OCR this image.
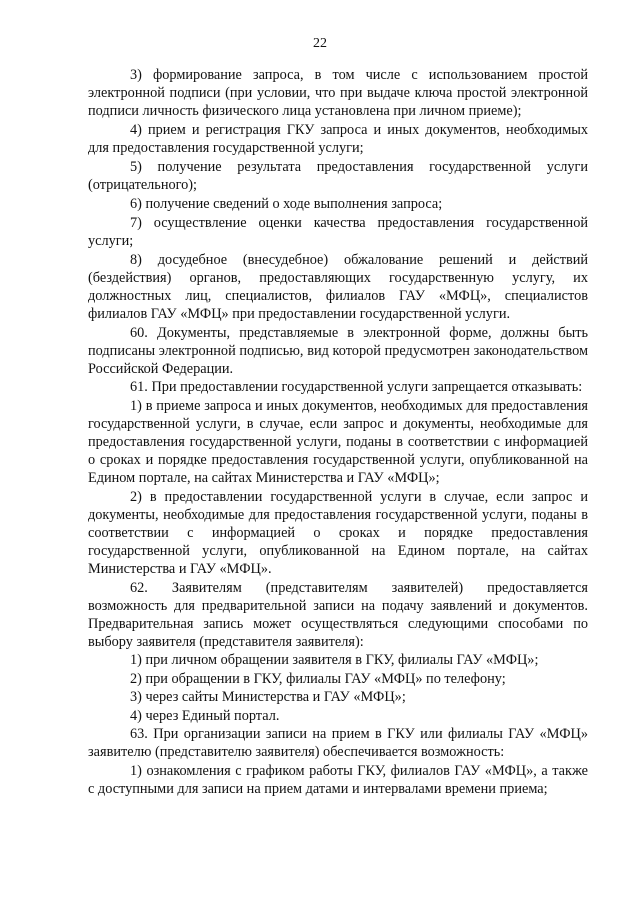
22

3) формирование запроса, в том числе с использованием простой электронной подписи (при условии, что при выдаче ключа простой электронной подписи личность физического лица установлена при личном приеме);

4) прием и регистрация ГКУ запроса и иных документов, необходимых для предоставления государственной услуги;

5) получение результата предоставления государственной услуги (отрицательного);

6) получение сведений о ходе выполнения запроса;

7) осуществление оценки качества предоставления государственной услуги;

8) досудебное (внесудебное) обжалование решений и действий (бездействия) органов, предоставляющих государственную услугу, их должностных лиц, специалистов, филиалов ГАУ «МФЦ», специалистов филиалов ГАУ «МФЦ» при предоставлении государственной услуги.

60. Документы, представляемые в электронной форме, должны быть подписаны электронной подписью, вид которой предусмотрен законодательством Российской Федерации.

61. При предоставлении государственной услуги запрещается отказывать:

1) в приеме запроса и иных документов, необходимых для предоставления государственной услуги, в случае, если запрос и документы, необходимые для предоставления государственной услуги, поданы в соответствии с информацией о сроках и порядке предоставления государственной услуги, опубликованной на Едином портале, на сайтах Министерства и ГАУ «МФЦ»;

2) в предоставлении государственной услуги в случае, если запрос и документы, необходимые для предоставления государственной услуги, поданы в соответствии с информацией о сроках и порядке предоставления государственной услуги, опубликованной на Едином портале, на сайтах Министерства и ГАУ «МФЦ».

62. Заявителям (представителям заявителей) предоставляется возможность для предварительной записи на подачу заявлений и документов. Предварительная запись может осуществляться следующими способами по выбору заявителя (представителя заявителя):

1) при личном обращении заявителя в ГКУ, филиалы ГАУ «МФЦ»;

2) при обращении в ГКУ, филиалы ГАУ «МФЦ» по телефону;

3) через сайты Министерства и ГАУ «МФЦ»;

4) через Единый портал.

63. При организации записи на прием в ГКУ или филиалы ГАУ «МФЦ» заявителю (представителю заявителя) обеспечивается возможность:

1) ознакомления с графиком работы ГКУ, филиалов ГАУ «МФЦ», а также с доступными для записи на прием датами и интервалами времени приема;
